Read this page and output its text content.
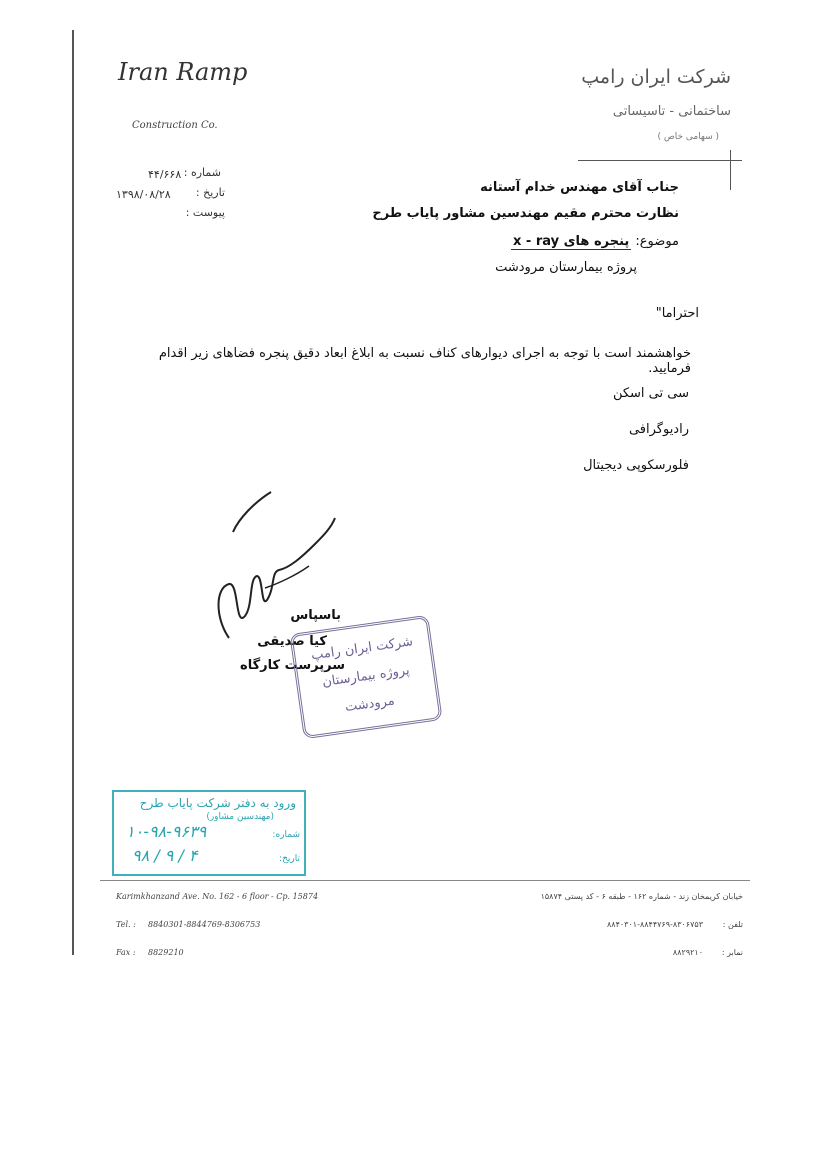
Iran Ramp
Construction Co.
شرکت ایران رامپ
ساختمانی - تاسیساتی
( سهامی خاص )
شماره :
۴۴/۶۶۸
تاریخ :
۱۳۹۸/۰۸/۲۸
پیوست :
جناب آقای مهندس خدام آستانه
نظارت محترم مقیم مهندسین مشاور پایاب طرح
موضوع: پنجره های x - ray
پروژه بیمارستان مرودشت
احتراما"
خواهشمند است با توجه به اجرای دیوارهای کناف نسبت به ابلاغ ابعاد دقیق پنجره فضاهای زیر اقدام فرمایید.
سی تی اسکن
رادیوگرافی
فلورسکوپی دیجیتال
باسپاس
کیا صدیقی
سرپرست کارگاه
شرکت ایران رامپ
پروژه بیمارستان
مرودشت
ورود به دفتر شرکت پایاب طرح
(مهندسین مشاور)
شماره:
۱۰-۹۸-۹۶۳۹
تاریخ:
۹۸ / ۹ / ۴
Karimkhanzand Ave. No. 162 - 6 floor - Cp. 15874
Tel. : 8840301-8844769-8306753
Fax : 8829210
خیابان کریمخان زند - شماره ۱۶۲ - طبقه ۶ - کد پستی ۱۵۸۷۴
تلفن :
۸۸۴۰۳۰۱-۸۸۴۴۷۶۹-۸۳۰۶۷۵۳
نمابر :
۸۸۲۹۲۱۰
